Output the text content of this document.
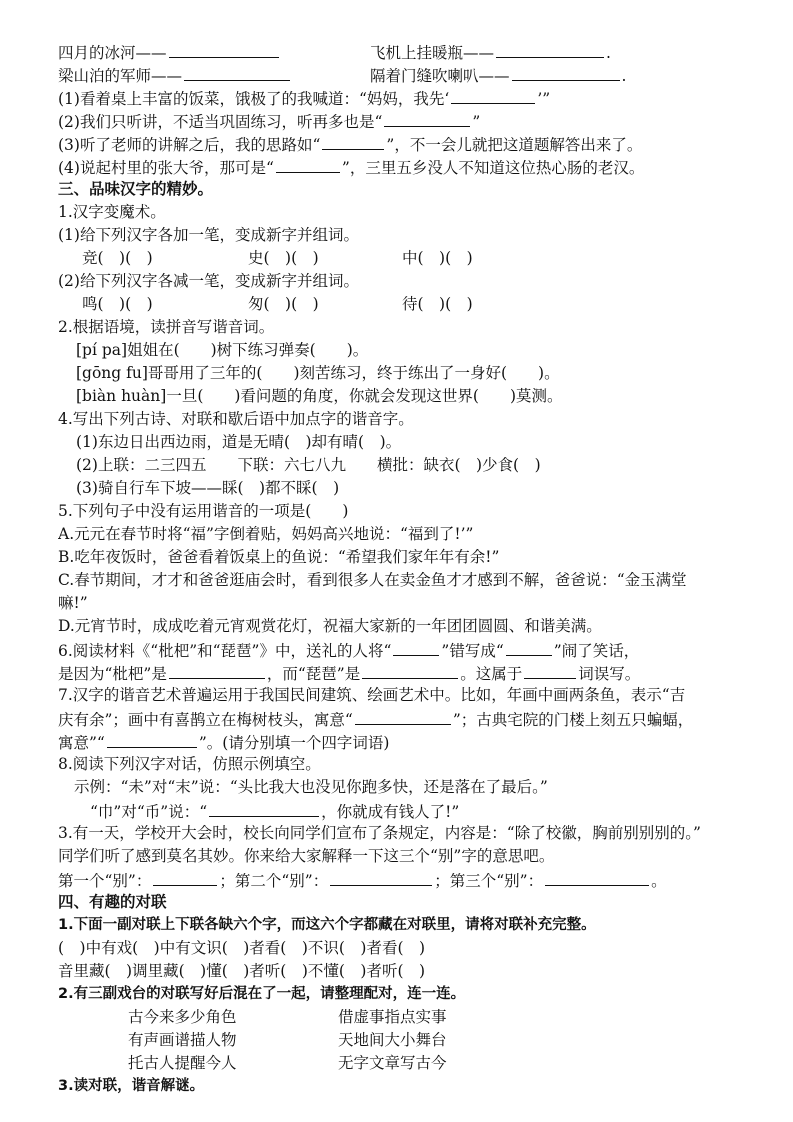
四月的冰河——	飞机上挂暖瓶——	.
梁山泊的军师——	隔着门缝吹喇叭——	.
(1)看着桌上丰富的饭菜，饿极了的我喊道：“妈妈，我先‘	’”
(2)我们只听讲，不适当巩固练习，听再多也是“	”
(3)听了老师的讲解之后，我的思路如“	”，不一会儿就把这道题解答出来了。
(4)说起村里的张大爷，那可是“	”，三里五乡没人不知道这位热心肠的老汉。
三、品味汉字的精妙。
1.汉字变魔术。
(1)给下列汉字各加一笔，变成新字并组词。
竞(　)(　)	史(　)(　)	中(　)(　)
(2)给下列汉字各减一笔，变成新字并组词。
鸣(　)(　)	匆(　)(　)	待(　)(　)
2.根据语境，读拼音写谐音词。
[pí pa]姐姐在(　　)树下练习弹奏(　　)。
[gōng fu]哥哥用了三年的(　　)刻苦练习，终于练出了一身好(　　)。
[biàn huàn]一旦(　　)看问题的角度，你就会发现这世界(　　)莫测。
4.写出下列古诗、对联和歇后语中加点字的谐音字。
(1)东边日出西边雨，道是无晴(　)却有晴(　)。
(2)上联：二三四五　　下联：六七八九　　横批：缺衣(　)少食(　)
(3)骑自行车下坡——睬(　)都不睬(　)
5.下列句子中没有运用谐音的一项是(　　)
A.元元在春节时将“福”字倒着贴，妈妈高兴地说：“福到了!’”
B.吃年夜饭时，爸爸看着饭桌上的鱼说：“希望我们家年年有余!”
C.春节期间，才才和爸爸逛庙会时，看到很多人在卖金鱼才才感到不解，爸爸说：“金玉满堂
嘛!”
D.元宵节时，成成吃着元宵观赏花灯，祝福大家新的一年团团圆圆、和谐美满。
6.阅读材料《“枇杷”和“琵琶”》中，送礼的人将“	”错写成“	”闹了笑话，
是因为“枇杷”是	，而“琵琶”是	。这属于	词误写。
7.汉字的谐音艺术普遍运用于我国民间建筑、绘画艺术中。比如，年画中画两条鱼，表示“吉
庆有余”；画中有喜鹊立在梅树枝头，寓意“	”；古典宅院的门楼上刻五只蝙蝠，
寓意”“	”。(请分别填一个四字词语)
8.阅读下列汉字对话，仿照示例填空。
示例：“未”对“末”说：“头比我大也没见你跑多快，还是落在了最后。”
“巾”对“币”说：“	，你就成有钱人了!”
3.有一天，学校开大会时，校长向同学们宣布了条规定，内容是：“除了校徽，胸前别别别的。”
同学们听了感到莫名其妙。你来给大家解释一下这三个“别”字的意思吧。
第一个“别”：	；第二个“别”：	；第三个“别”：	。
四、有趣的对联
1.下面一副对联上下联各缺六个字，而这六个字都藏在对联里，请将对联补充完整。
(　)中有戏(　)中有文识(　)者看(　)不识(　)者看(　)
音里藏(　)调里藏(　)懂(　)者听(　)不懂(　)者听(　)
2.有三副戏台的对联写好后混在了一起，请整理配对，连一连。
古今来多少角色	借虚事指点实事
有声画谱描人物	天地间大小舞台
托古人提醒今人	无字文章写古今
3.读对联，谐音解谜。
